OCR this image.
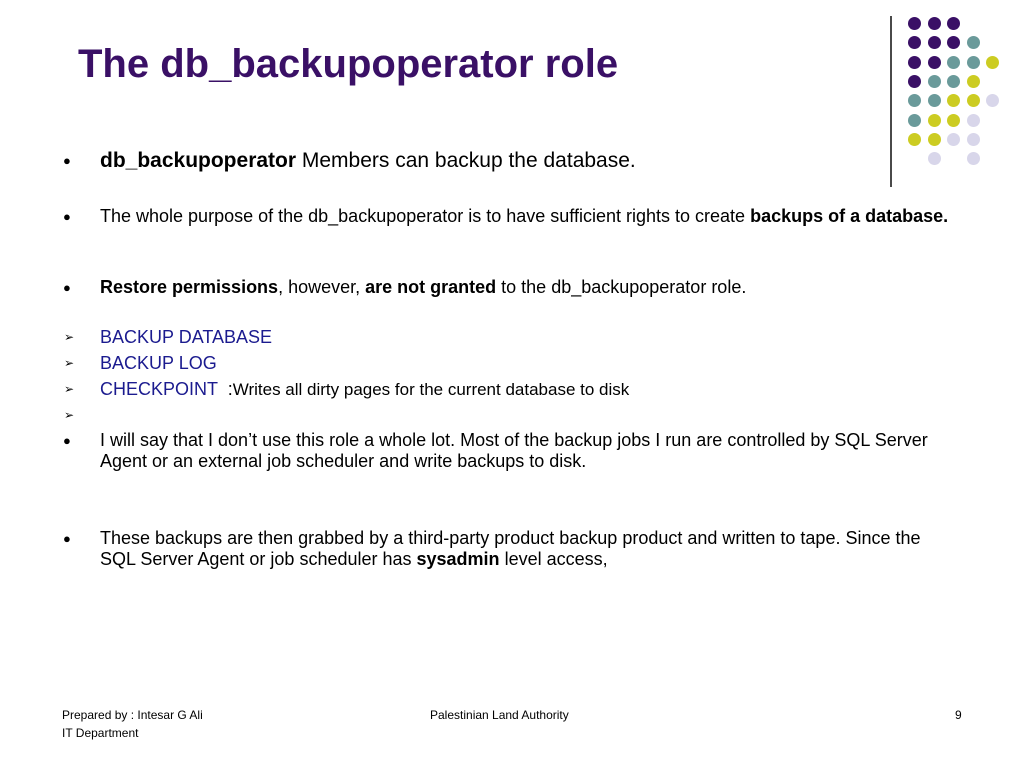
The db_backupoperator role
● db_backupoperator Members can backup the database.
● The whole purpose of the db_backupoperator is to have sufficient rights to create backups of a database.
● Restore permissions, however, are not granted to the db_backupoperator role.
➢ BACKUP DATABASE
➢ BACKUP LOG
➢ CHECKPOINT :Writes all dirty pages for the current database to disk
➢
● I will say that I don’t use this role a whole lot. Most of the backup jobs I run are controlled by SQL Server Agent or an external job scheduler and write backups to disk.
● These backups are then grabbed by a third-party product backup product and written to tape. Since the SQL Server Agent or job scheduler has sysadmin level access,
Prepared by : Intesar G Ali
IT Department
Palestinian Land Authority	9
